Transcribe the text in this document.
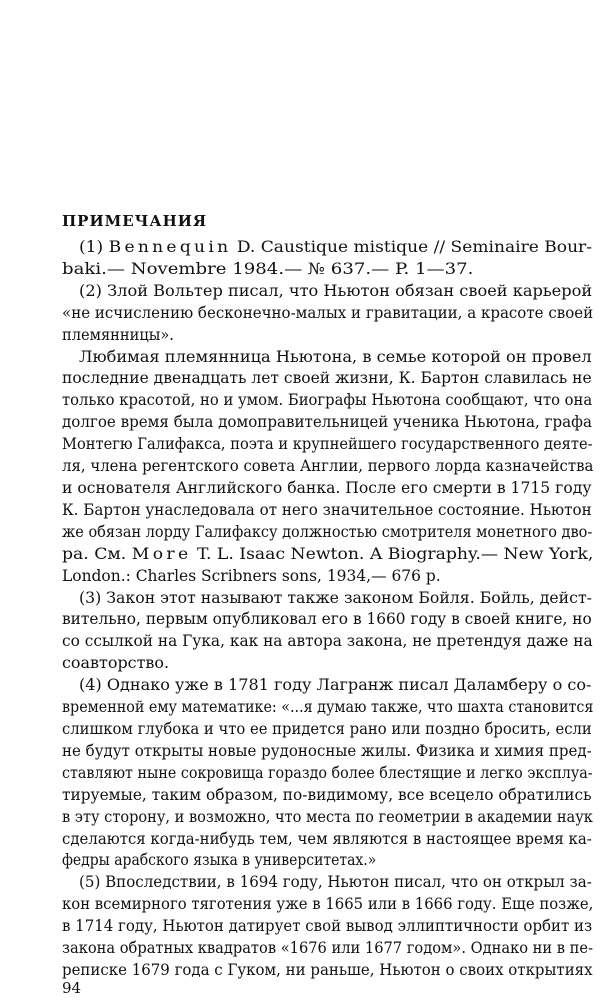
ПРИМЕЧАНИЯ
(1) Bennequin D. Caustique mistique // Seminaire Bour-
baki.— Novembre 1984.— № 637.— P. 1—37.
(2) Злой Вольтер писал, что Ньютон обязан своей карьерой
«не исчислению бесконечно-малых и гравитации, а красоте своей
племянницы».
Любимая племянница Ньютона, в семье которой он провел
последние двенадцать лет своей жизни, К. Бартон славилась не
только красотой, но и умом. Биографы Ньютона сообщают, что она
долгое время была домоправительницей ученика Ньютона, графа
Монтегю Галифакса, поэта и крупнейшего государственного деяте-
ля, члена регентского совета Англии, первого лорда казначейства
и основателя Английского банка. После его смерти в 1715 году
К. Бартон унаследовала от него значительное состояние. Ньютон
же обязан лорду Галифаксу должностью смотрителя монетного дво-
ра. См. More T. L. Isaac Newton. A Biography.— New York,
London.: Charles Scribners sons, 1934,— 676 p.
(3) Закон этот называют также законом Бойля. Бойль, дейст-
вительно, первым опубликовал его в 1660 году в своей книге, но
со ссылкой на Гука, как на автора закона, не претендуя даже на
соавторство.
(4) Однако уже в 1781 году Лагранж писал Даламберу о со-
временной ему математике: «...я думаю также, что шахта становится
слишком глубока и что ее придется рано или поздно бросить, если
не будут открыты новые рудоносные жилы. Физика и химия пред-
ставляют ныне сокровища гораздо более блестящие и легко эксплуа-
тируемые, таким образом, по-видимому, все всецело обратились
в эту сторону, и возможно, что места по геометрии в академии наук
сделаются когда-нибудь тем, чем являются в настоящее время ка-
федры арабского языка в университетах.»
(5) Впоследствии, в 1694 году, Ньютон писал, что он открыл за-
кон всемирного тяготения уже в 1665 или в 1666 году. Еще позже,
в 1714 году, Ньютон датирует свой вывод эллиптичности орбит из
закона обратных квадратов «1676 или 1677 годом». Однако ни в пе-
реписке 1679 года с Гуком, ни раньше, Ньютон о своих открытиях
94
